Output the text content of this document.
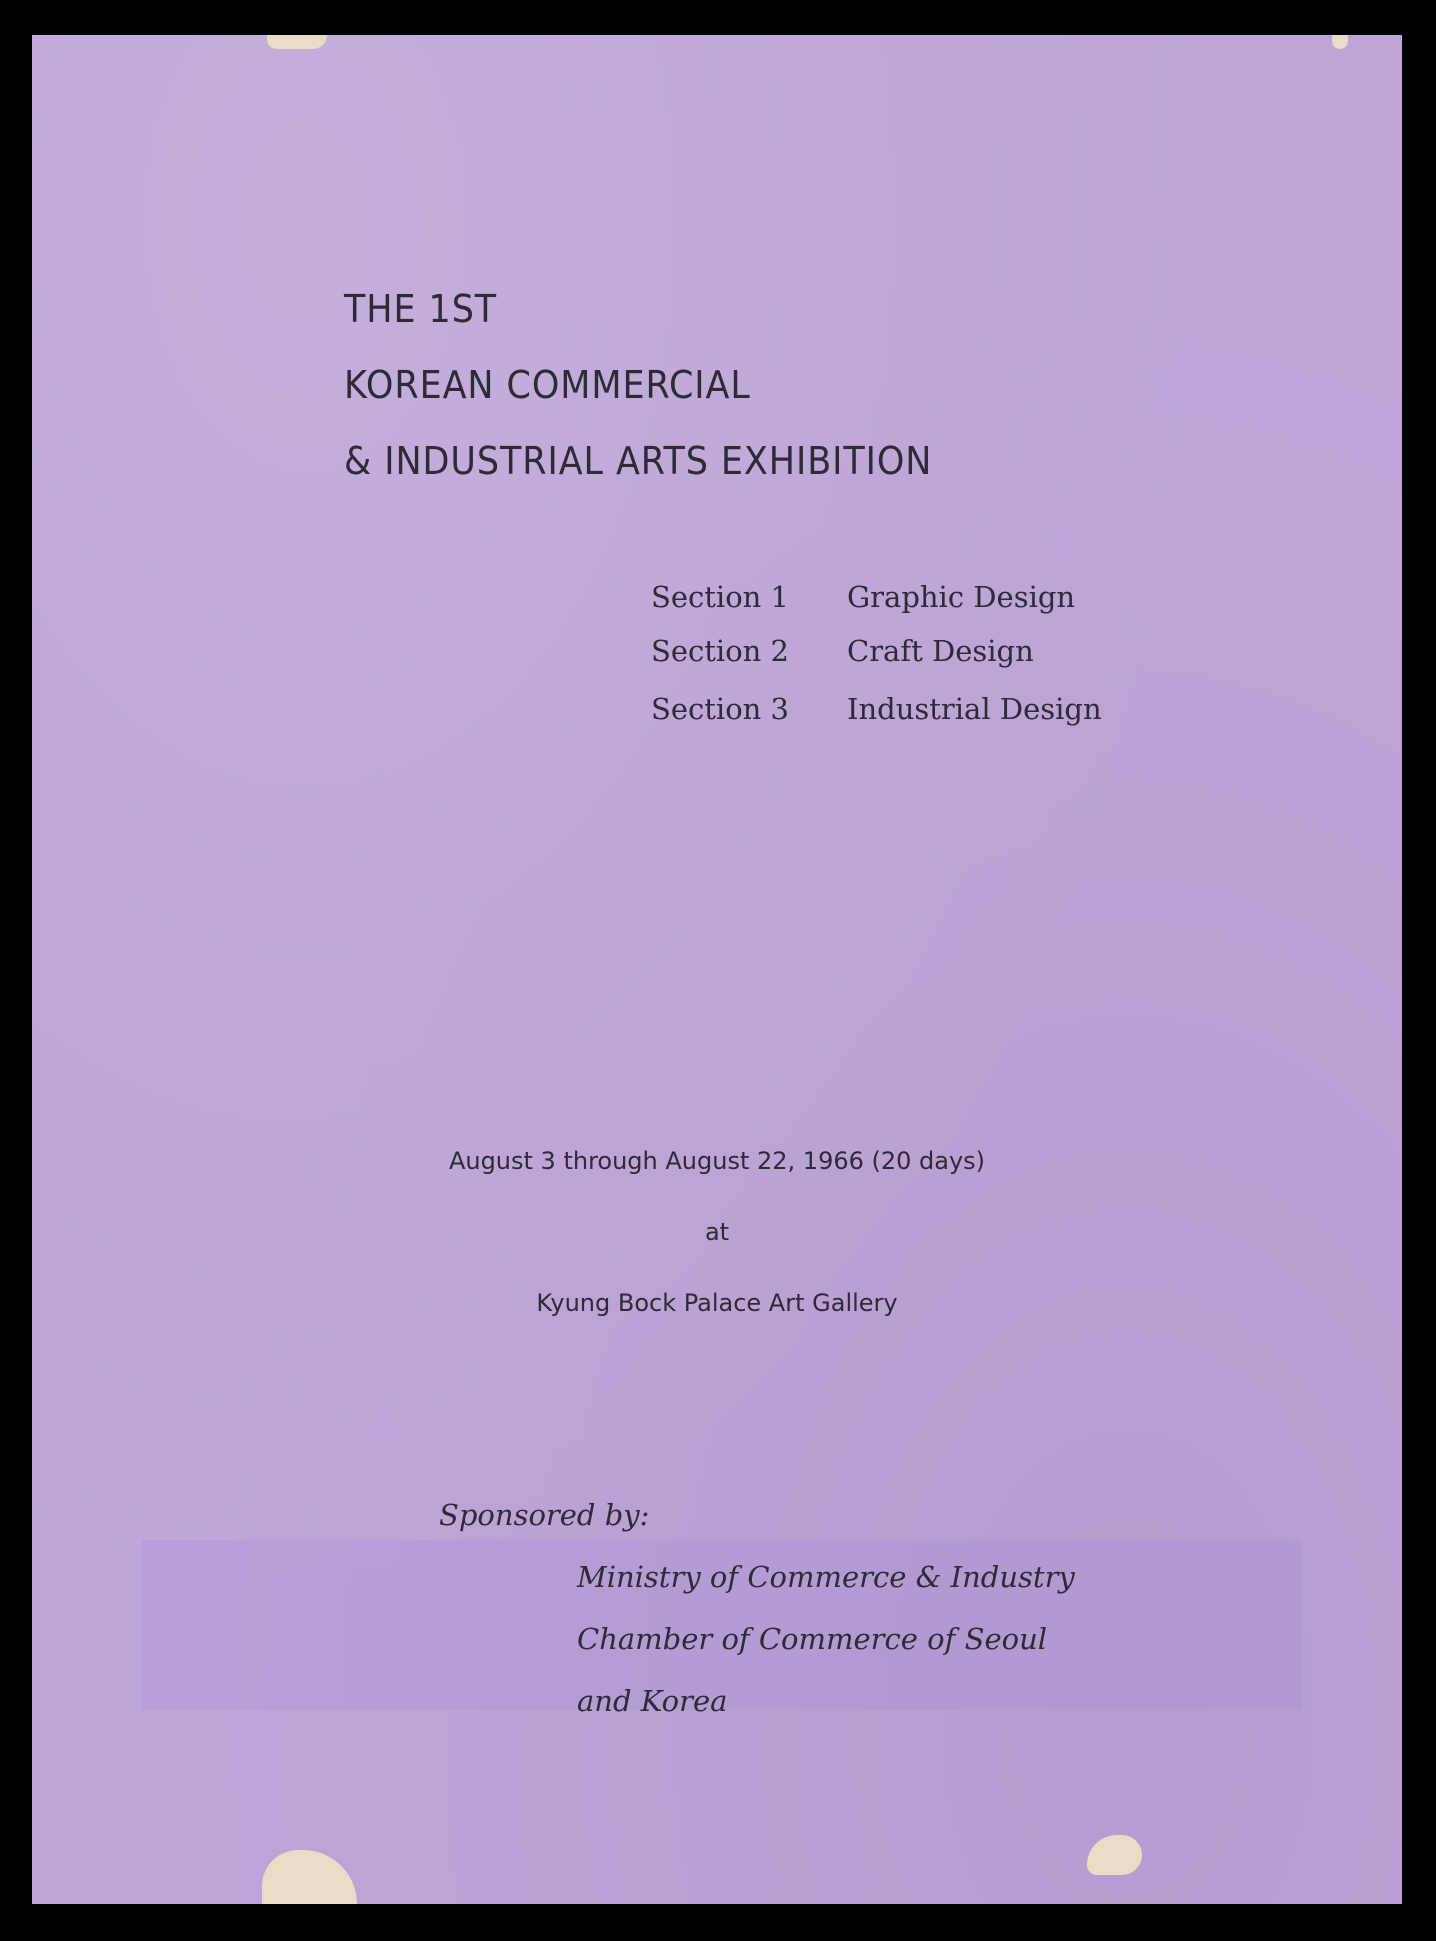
THE 1ST
KOREAN COMMERCIAL
& INDUSTRIAL ARTS EXHIBITION
Section 1 Graphic Design
Section 2 Craft Design
Section 3 Industrial Design
August 3 through August 22, 1966 (20 days)
at
Kyung Bock Palace Art Gallery
Sponsored by:
Ministry of Commerce & Industry
Chamber of Commerce of Seoul
and Korea
